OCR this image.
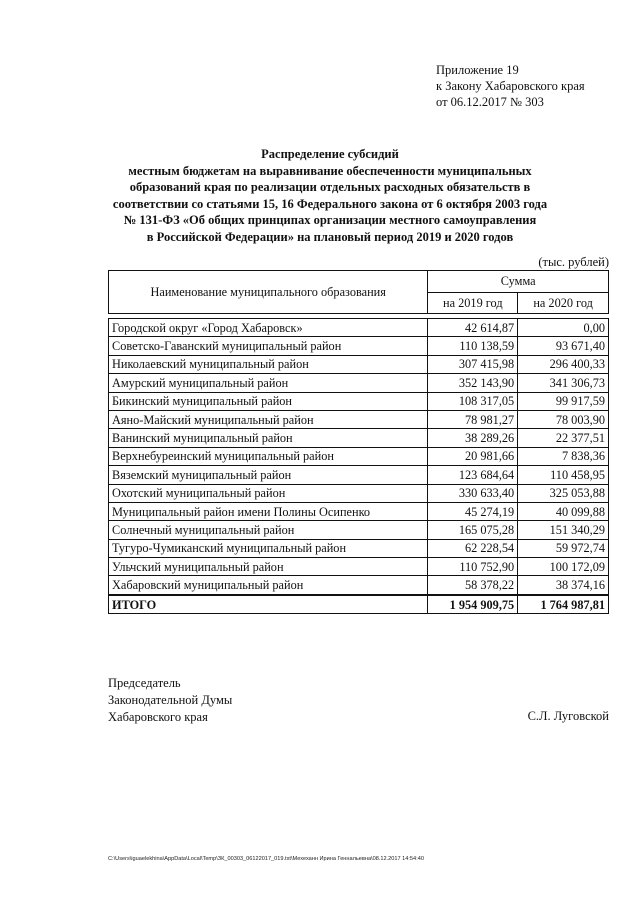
Приложение 19
к Закону Хабаровского края
от 06.12.2017 № 303
Распределение субсидий
местным бюджетам на выравнивание обеспеченности муниципальных
образований края по реализации отдельных расходных обязательств в
соответствии со статьями 15, 16 Федерального закона от 6 октября 2003 года
№ 131-ФЗ «Об общих принципах организации местного самоуправления
в Российской Федерации» на плановый период 2019 и 2020 годов
(тыс. рублей)
Наименование муниципального образования	Сумма	
	на 2019 год	на 2020 год

Городской округ «Город Хабаровск»	42 614,87	0,00
Советско-Гаванский муниципальный район	110 138,59	93 671,40
Николаевский муниципальный район	307 415,98	296 400,33
Амурский муниципальный район	352 143,90	341 306,73
Бикинский муниципальный район	108 317,05	99 917,59
Аяно-Майский муниципальный район	78 981,27	78 003,90
Ванинский муниципальный район	38 289,26	22 377,51
Верхнебуреинский муниципальный район	20 981,66	7 838,36
Вяземский муниципальный район	123 684,64	110 458,95
Охотский муниципальный район	330 633,40	325 053,88
Муниципальный район имени Полины Осипенко	45 274,19	40 099,88
Солнечный муниципальный район	165 075,28	151 340,29
Тугуро-Чумиканский муниципальный район	62 228,54	59 972,74
Ульчский муниципальный район	110 752,90	100 172,09
Хабаровский муниципальный район	58 378,22	38 374,16
ИТОГО	1 954 909,75	1 764 987,81
Председатель
Законодательной Думы
Хабаровского края	С.Л. Луговской
C:\Users\iguaelekhina\AppData\Local\Temp\ЗК_00303_06122017_019.txt\Мехеханн Ирина Геннальевна\08.12.2017 14:54:40
